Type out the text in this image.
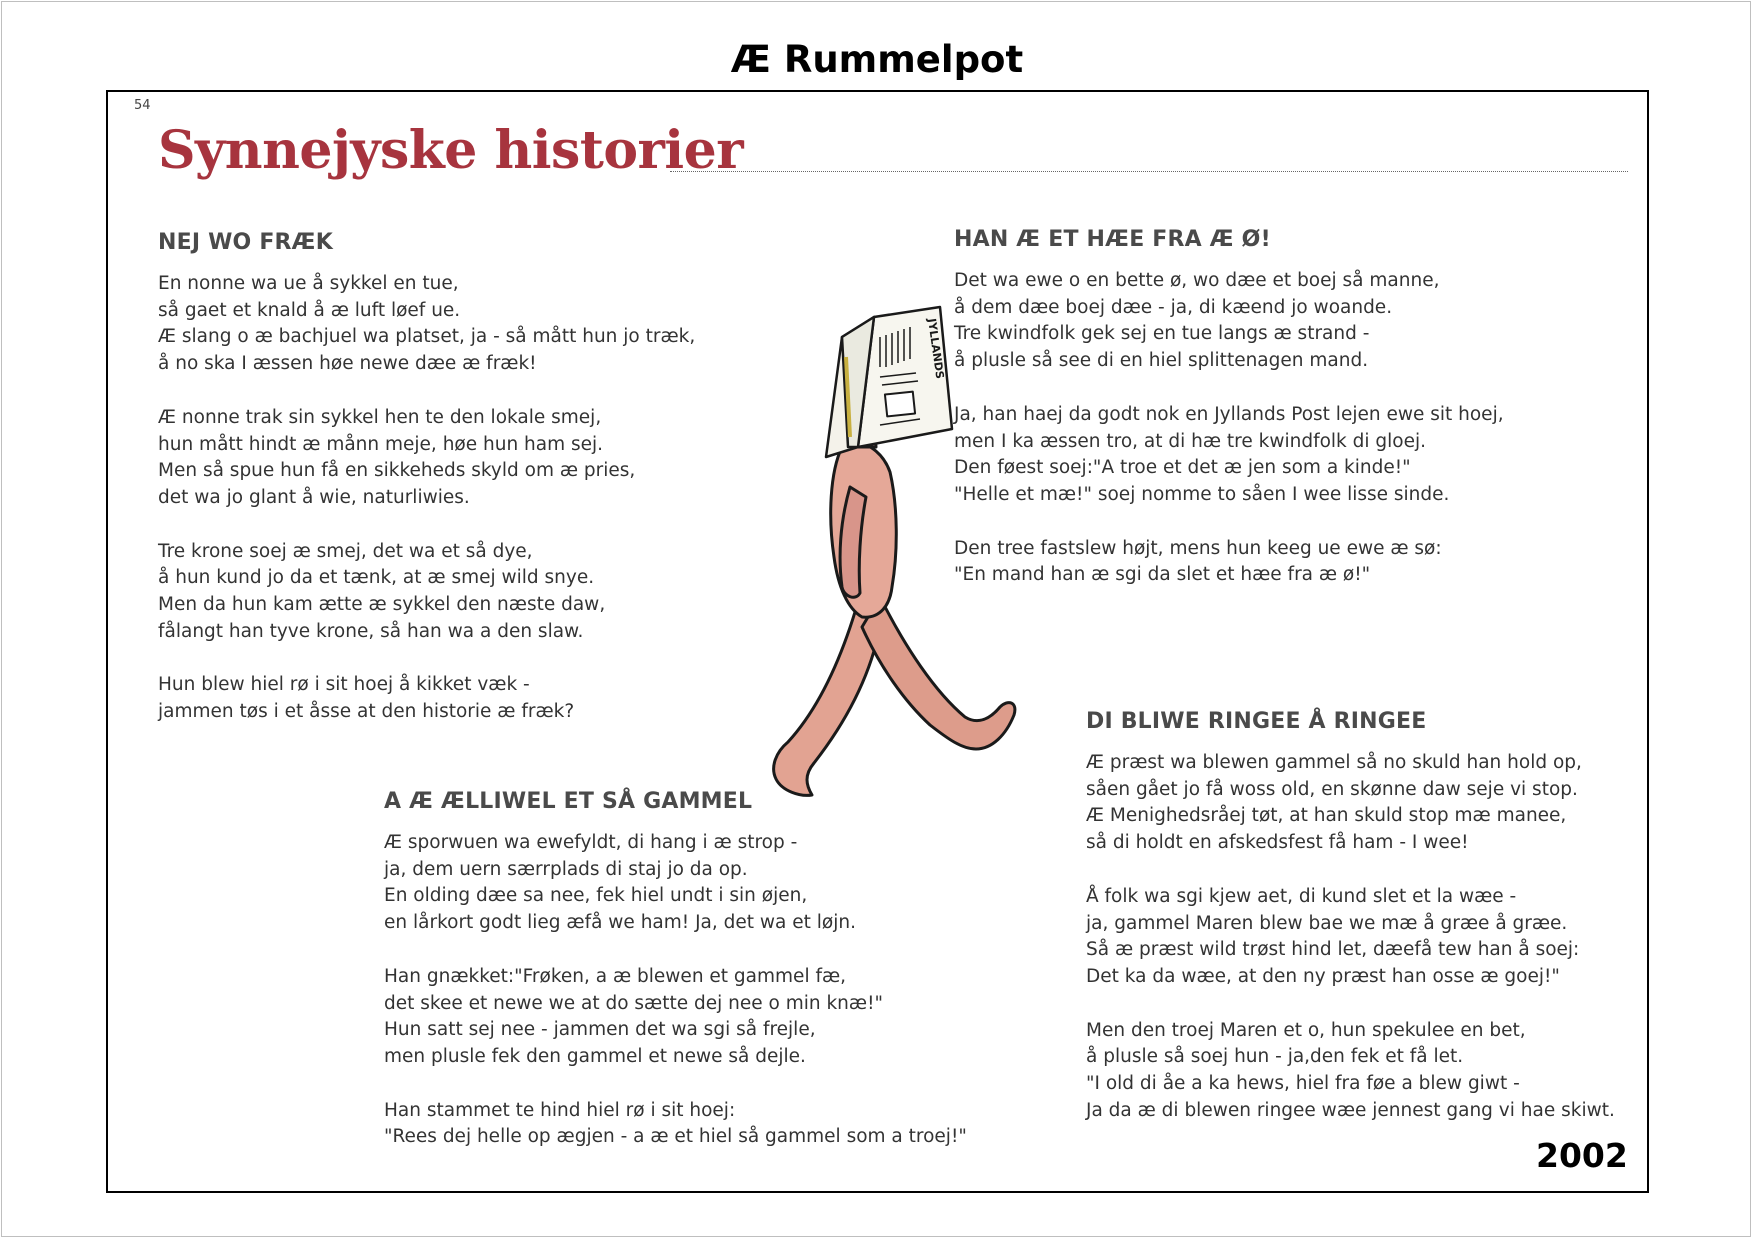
Æ Rummelpot
54
Synnejyske historier
NEJ WO FRÆK
En nonne wa ue å sykkel en tue,
så gaet et knald å æ luft løef ue.
Æ slang o æ bachjuel wa platset, ja - så mått hun jo træk,
å no ska I æssen høe newe dæe æ fræk!
Æ nonne trak sin sykkel hen te den lokale smej,
hun mått hindt æ månn meje, høe hun ham sej.
Men så spue hun få en sikkeheds skyld om æ pries,
det wa jo glant å wie, naturliwies.
Tre krone soej æ smej, det wa et så dye,
å hun kund jo da et tænk, at æ smej wild snye.
Men da hun kam ætte æ sykkel den næste daw,
fålangt han tyve krone, så han wa a den slaw.
Hun blew hiel rø i sit hoej å kikket væk -
jammen tøs i et åsse at den historie æ fræk?
HAN Æ ET HÆE FRA Æ Ø!
Det wa ewe o en bette ø, wo dæe et boej så manne,
å dem dæe boej dæe - ja, di kæend jo woande.
Tre kwindfolk gek sej en tue langs æ strand -
å plusle så see di en hiel splittenagen mand.
Ja, han haej da godt nok en Jyllands Post lejen ewe sit hoej,
men I ka æssen tro, at di hæ tre kwindfolk di gloej.
Den føest soej:"A troe et det æ jen som a kinde!"
"Helle et mæ!" soej nomme to såen I wee lisse sinde.
Den tree fastslew højt, mens hun keeg ue ewe æ sø:
"En mand han æ sgi da slet et hæe fra æ ø!"
A Æ ÆLLIWEL ET SÅ GAMMEL
Æ sporwuen wa ewefyldt, di hang i æ strop -
ja, dem uern særrplads di staj jo da op.
En olding dæe sa nee, fek hiel undt i sin øjen,
en lårkort godt lieg æfå we ham! Ja, det wa et løjn.
Han gnækket:"Frøken, a æ blewen et gammel fæ,
det skee et newe we at do sætte dej nee o min knæ!"
Hun satt sej nee - jammen det wa sgi så frejle,
men plusle fek den gammel et newe så dejle.
Han stammet te hind hiel rø i sit hoej:
"Rees dej helle op ægjen - a æ et hiel så gammel som a troej!"
DI BLIWE RINGEE Å RINGEE
Æ præst wa blewen gammel så no skuld han hold op,
såen gået jo få woss old, en skønne daw seje vi stop.
Æ Menighedsråej tøt, at han skuld stop mæ manee,
så di holdt en afskedsfest få ham - I wee!
Å folk wa sgi kjew aet, di kund slet et la wæe -
ja, gammel Maren blew bae we mæ å græe å græe.
Så æ præst wild trøst hind let, dæefå tew han å soej:
Det ka da wæe, at den ny præst han osse æ goej!"
Men den troej Maren et o, hun spekulee en bet,
å plusle så soej hun - ja,den fek et få let.
"I old di åe a ka hews, hiel fra føe a blew giwt -
Ja da æ di blewen ringee wæe jennest gang vi hae skiwt.
JYLLANDS
2002
